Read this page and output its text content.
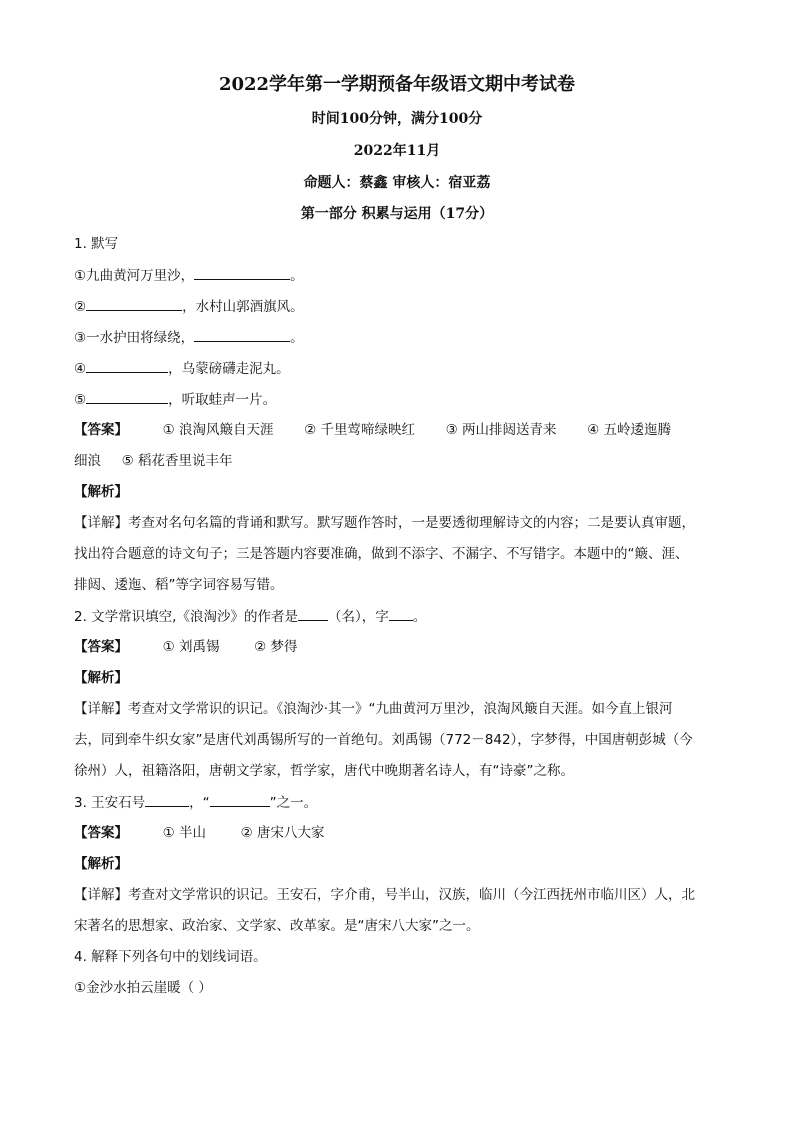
2022学年第一学期预备年级语文期中考试卷
时间100分钟，满分100分
2022年11月
命题人：蔡鑫 审核人：宿亚荔
第一部分 积累与运用（17分）
1. 默写
①九曲黄河万里沙，	。
②	，水村山郭酒旗风。
③一水护田将绿绕，	。
④	，乌蒙磅礴走泥丸。
⑤	，听取蛙声一片。
【答案】	① 浪淘风簸自天涯 ② 千里莺啼绿映红 ③ 两山排闼送青来 ④ 五岭逶迤腾
细浪 ⑤ 稻花香里说丰年
【解析】
【详解】考查对名句名篇的背诵和默写。默写题作答时，一是要透彻理解诗文的内容；二是要认真审题，
找出符合题意的诗文句子；三是答题内容要准确，做到不添字、不漏字、不写错字。本题中的“簸、涯、
排闼、逶迤、稻”等字词容易写错。
2. 文学常识填空,《浪淘沙》的作者是 （名），字 。
【答案】	① 刘禹锡	② 梦得
【解析】
【详解】考查对文学常识的识记。《浪淘沙·其一》“九曲黄河万里沙，浪淘风簸自天涯。如今直上银河
去，同到牵牛织女家”是唐代刘禹锡所写的一首绝句。刘禹锡（772－842），字梦得，中国唐朝彭城（今
徐州）人，祖籍洛阳，唐朝文学家，哲学家，唐代中晚期著名诗人，有“诗豪”之称。
3. 王安石号	，“	”之一。
【答案】	① 半山	② 唐宋八大家
【解析】
【详解】考查对文学常识的识记。王安石，字介甫，号半山，汉族，临川（今江西抚州市临川区）人，北
宋著名的思想家、政治家、文学家、改革家。是“唐宋八大家”之一。
4. 解释下列各句中的划线词语。
①金沙水拍云崖暖（ ）
